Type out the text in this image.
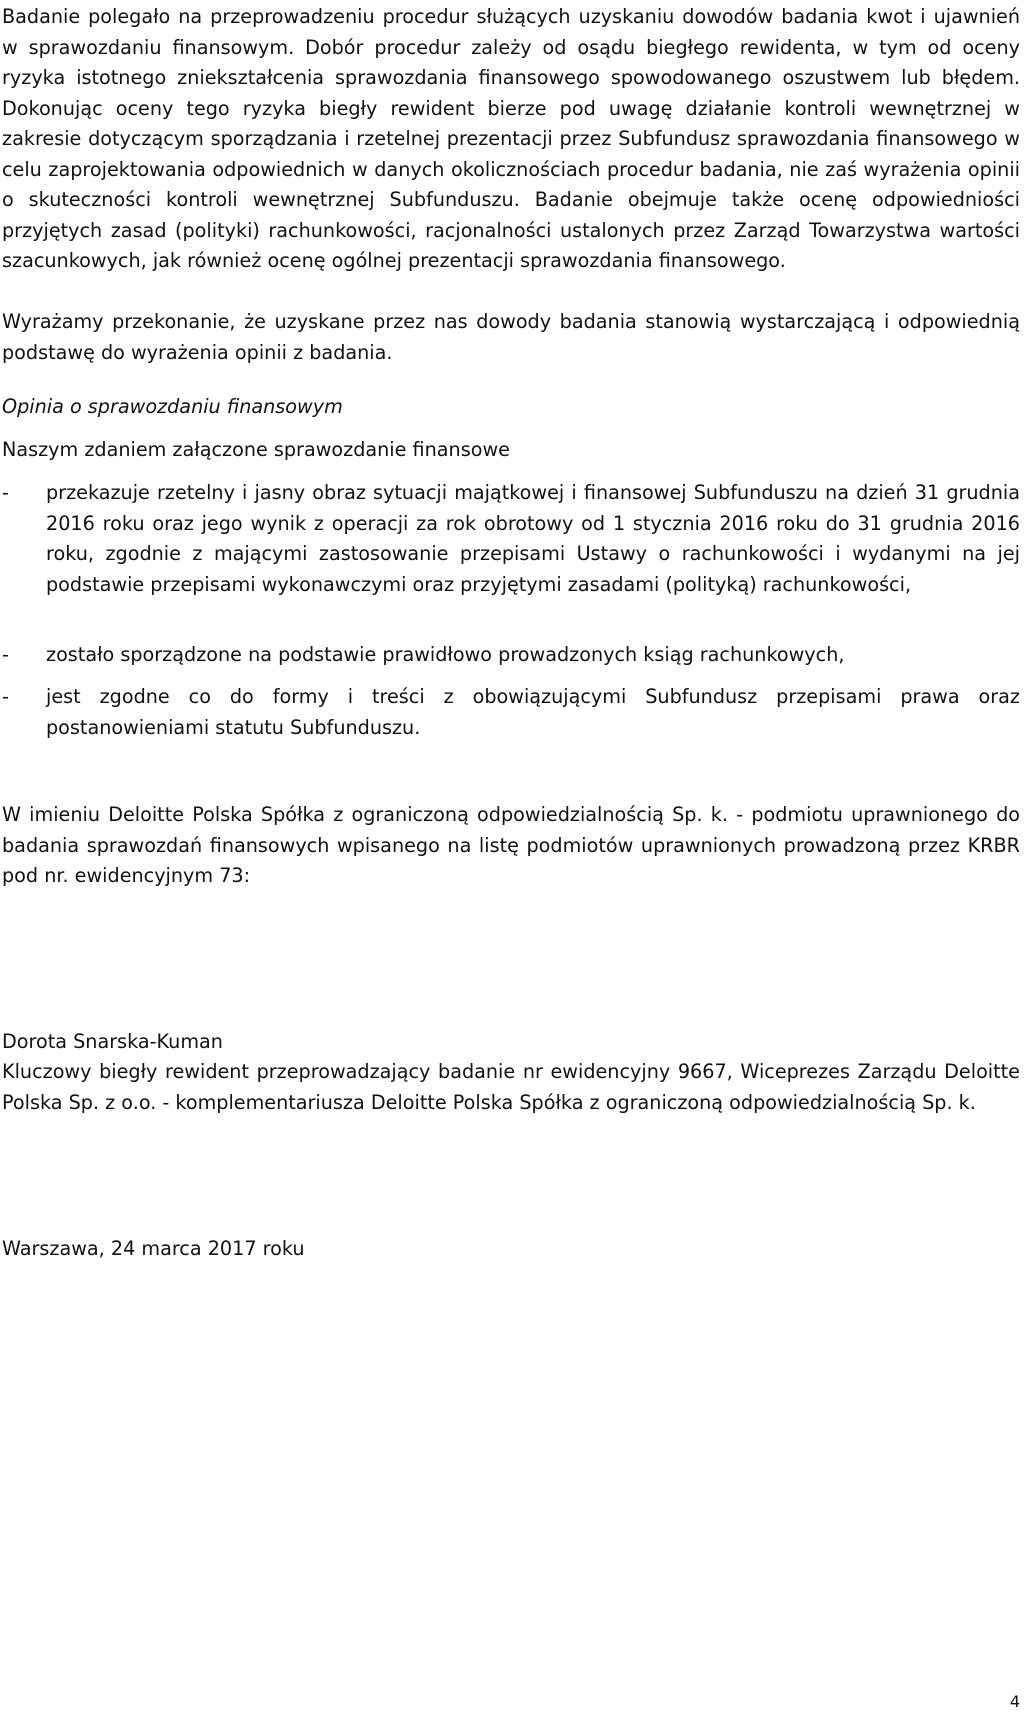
Badanie polegało na przeprowadzeniu procedur służących uzyskaniu dowodów badania kwot i ujawnień w sprawozdaniu finansowym. Dobór procedur zależy od osądu biegłego rewidenta, w tym od oceny ryzyka istotnego zniekształcenia sprawozdania finansowego spowodowanego oszustwem lub błędem. Dokonując oceny tego ryzyka biegły rewident bierze pod uwagę działanie kontroli wewnętrznej w zakresie dotyczącym sporządzania i rzetelnej prezentacji przez Subfundusz sprawozdania finansowego w celu zaprojektowania odpowiednich w danych okolicznościach procedur badania, nie zaś wyrażenia opinii o skuteczności kontroli wewnętrznej Subfunduszu. Badanie obejmuje także ocenę odpowiedniości przyjętych zasad (polityki) rachunkowości, racjonalności ustalonych przez Zarząd Towarzystwa wartości szacunkowych, jak również ocenę ogólnej prezentacji sprawozdania finansowego.

Wyrażamy przekonanie, że uzyskane przez nas dowody badania stanowią wystarczającą i odpowiednią podstawę do wyrażenia opinii z badania.

Opinia o sprawozdaniu finansowym

Naszym zdaniem załączone sprawozdanie finansowe

-	przekazuje rzetelny i jasny obraz sytuacji majątkowej i finansowej Subfunduszu na dzień 31 grudnia 2016 roku oraz jego wynik z operacji za rok obrotowy od 1 stycznia 2016 roku do 31 grudnia 2016 roku, zgodnie z mającymi zastosowanie przepisami Ustawy o rachunkowości i wydanymi na jej podstawie przepisami wykonawczymi oraz przyjętymi zasadami (polityką) rachunkowości,
-	zostało sporządzone na podstawie prawidłowo prowadzonych ksiąg rachunkowych,
-	jest zgodne co do formy i treści z obowiązującymi Subfundusz przepisami prawa oraz postanowieniami statutu Subfunduszu.

W imieniu Deloitte Polska Spółka z ograniczoną odpowiedzialnością Sp. k. - podmiotu uprawnionego do badania sprawozdań finansowych wpisanego na listę podmiotów uprawnionych prowadzoną przez KRBR pod nr. ewidencyjnym 73:

Dorota Snarska-Kuman

Kluczowy biegły rewident przeprowadzający badanie nr ewidencyjny 9667, Wiceprezes Zarządu Deloitte Polska Sp. z o.o. - komplementariusza Deloitte Polska Spółka z ograniczoną odpowiedzialnością Sp. k.

Warszawa, 24 marca 2017 roku

4
